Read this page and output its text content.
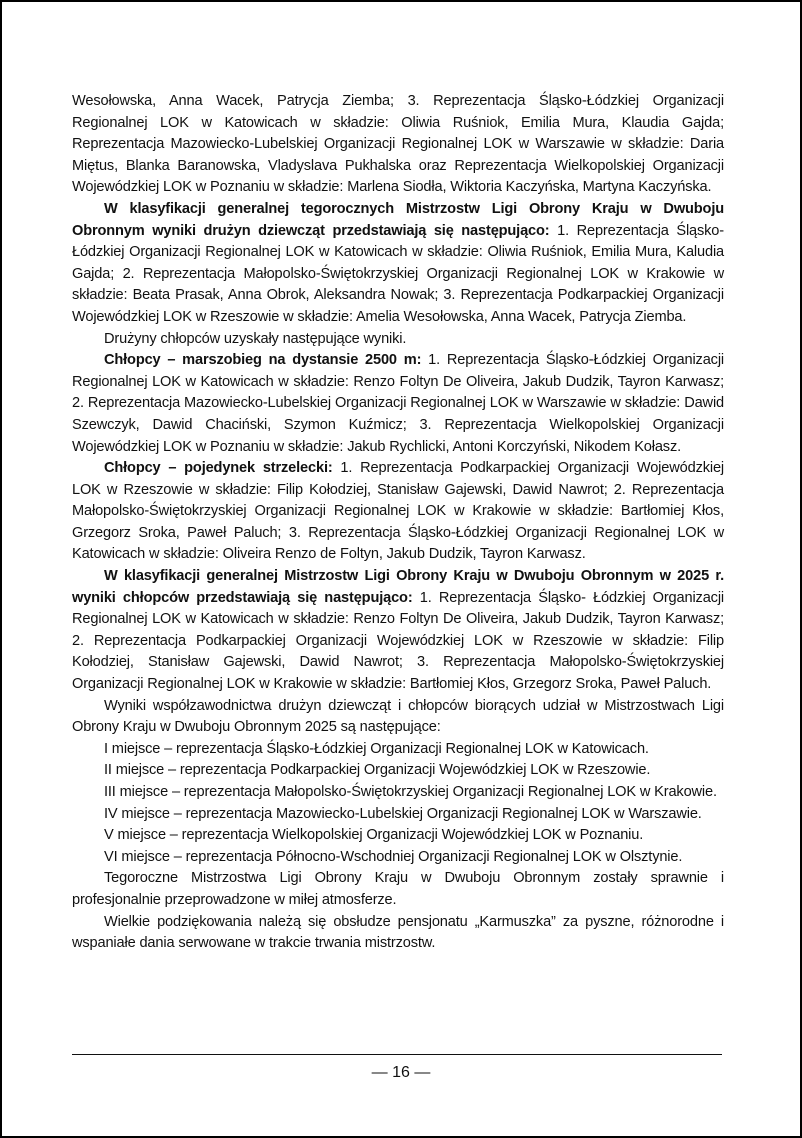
Wesołowska, Anna Wacek, Patrycja Ziemba; 3. Reprezentacja Śląsko-Łódzkiej Organizacji Regionalnej LOK w Katowicach w składzie: Oliwia Ruśniok, Emilia Mura, Klaudia Gajda; Reprezentacja Mazowiecko-Lubelskiej Organizacji Regionalnej LOK w Warszawie w składzie: Daria Miętus, Blanka Baranowska, Vladyslava Pukhalska oraz Reprezentacja Wielkopolskiej Organizacji Wojewódzkiej LOK w Poznaniu w składzie: Marlena Siodła, Wiktoria Kaczyńska, Martyna Kaczyńska.

W klasyfikacji generalnej tegorocznych Mistrzostw Ligi Obrony Kraju w Dwuboju Obronnym wyniki drużyn dziewcząt przedstawiają się następująco: 1. Reprezentacja Śląsko-Łódzkiej Organizacji Regionalnej LOK w Katowicach w składzie: Oliwia Ruśniok, Emilia Mura, Kaludia Gajda; 2. Reprezentacja Małopolsko-Świętokrzyskiej Organizacji Regionalnej LOK w Krakowie w składzie: Beata Prasak, Anna Obrok, Aleksandra Nowak; 3. Reprezentacja Podkarpackiej Organizacji Wojewódzkiej LOK w Rzeszowie w składzie: Amelia Wesołowska, Anna Wacek, Patrycja Ziemba.

Drużyny chłopców uzyskały następujące wyniki.

Chłopcy – marszobieg na dystansie 2500 m: 1. Reprezentacja Śląsko-Łódzkiej Organizacji Regionalnej LOK w Katowicach w składzie: Renzo Foltyn De Oliveira, Jakub Dudzik, Tayron Karwasz; 2. Reprezentacja Mazowiecko-Lubelskiej Organizacji Regionalnej LOK w Warszawie w składzie: Dawid Szewczyk, Dawid Chaciński, Szymon Kuźmicz; 3. Reprezentacja Wielkopolskiej Organizacji Wojewódzkiej LOK w Poznaniu w składzie: Jakub Rychlicki, Antoni Korczyński, Nikodem Kołasz.

Chłopcy – pojedynek strzelecki: 1. Reprezentacja Podkarpackiej Organizacji Wojewódzkiej LOK w Rzeszowie w składzie: Filip Kołodziej, Stanisław Gajewski, Dawid Nawrot; 2. Reprezentacja Małopolsko-Świętokrzyskiej Organizacji Regionalnej LOK w Krakowie w składzie: Bartłomiej Kłos, Grzegorz Sroka, Paweł Paluch; 3. Reprezentacja Śląsko-Łódzkiej Organizacji Regionalnej LOK w Katowicach w składzie: Oliveira Renzo de Foltyn, Jakub Dudzik, Tayron Karwasz.

W klasyfikacji generalnej Mistrzostw Ligi Obrony Kraju w Dwuboju Obronnym w 2025 r. wyniki chłopców przedstawiają się następująco: 1. Reprezentacja Śląsko- Łódzkiej Organizacji Regionalnej LOK w Katowicach w składzie: Renzo Foltyn De Oliveira, Jakub Dudzik, Tayron Karwasz; 2. Reprezentacja Podkarpackiej Organizacji Wojewódzkiej LOK w Rzeszowie w składzie: Filip Kołodziej, Stanisław Gajewski, Dawid Nawrot; 3. Reprezentacja Małopolsko-Świętokrzyskiej Organizacji Regionalnej LOK w Krakowie w składzie: Bartłomiej Kłos, Grzegorz Sroka, Paweł Paluch.

Wyniki współzawodnictwa drużyn dziewcząt i chłopców biorących udział w Mistrzostwach Ligi Obrony Kraju w Dwuboju Obronnym 2025 są następujące:

I miejsce – reprezentacja Śląsko-Łódzkiej Organizacji Regionalnej LOK w Katowicach.

II miejsce – reprezentacja Podkarpackiej Organizacji Wojewódzkiej LOK w Rzeszowie.

III miejsce – reprezentacja Małopolsko-Świętokrzyskiej Organizacji Regionalnej LOK w Krakowie.

IV miejsce – reprezentacja Mazowiecko-Lubelskiej Organizacji Regionalnej LOK w Warszawie.

V miejsce – reprezentacja Wielkopolskiej Organizacji Wojewódzkiej LOK w Poznaniu.

VI miejsce – reprezentacja Północno-Wschodniej Organizacji Regionalnej LOK w Olsztynie.

Tegoroczne Mistrzostwa Ligi Obrony Kraju w Dwuboju Obronnym zostały sprawnie i profesjonalnie przeprowadzone w miłej atmosferze.

Wielkie podziękowania należą się obsłudze pensjonatu „Karmuszka” za pyszne, różnorodne i wspaniałe dania serwowane w trakcie trwania mistrzostw.

— 16 —
